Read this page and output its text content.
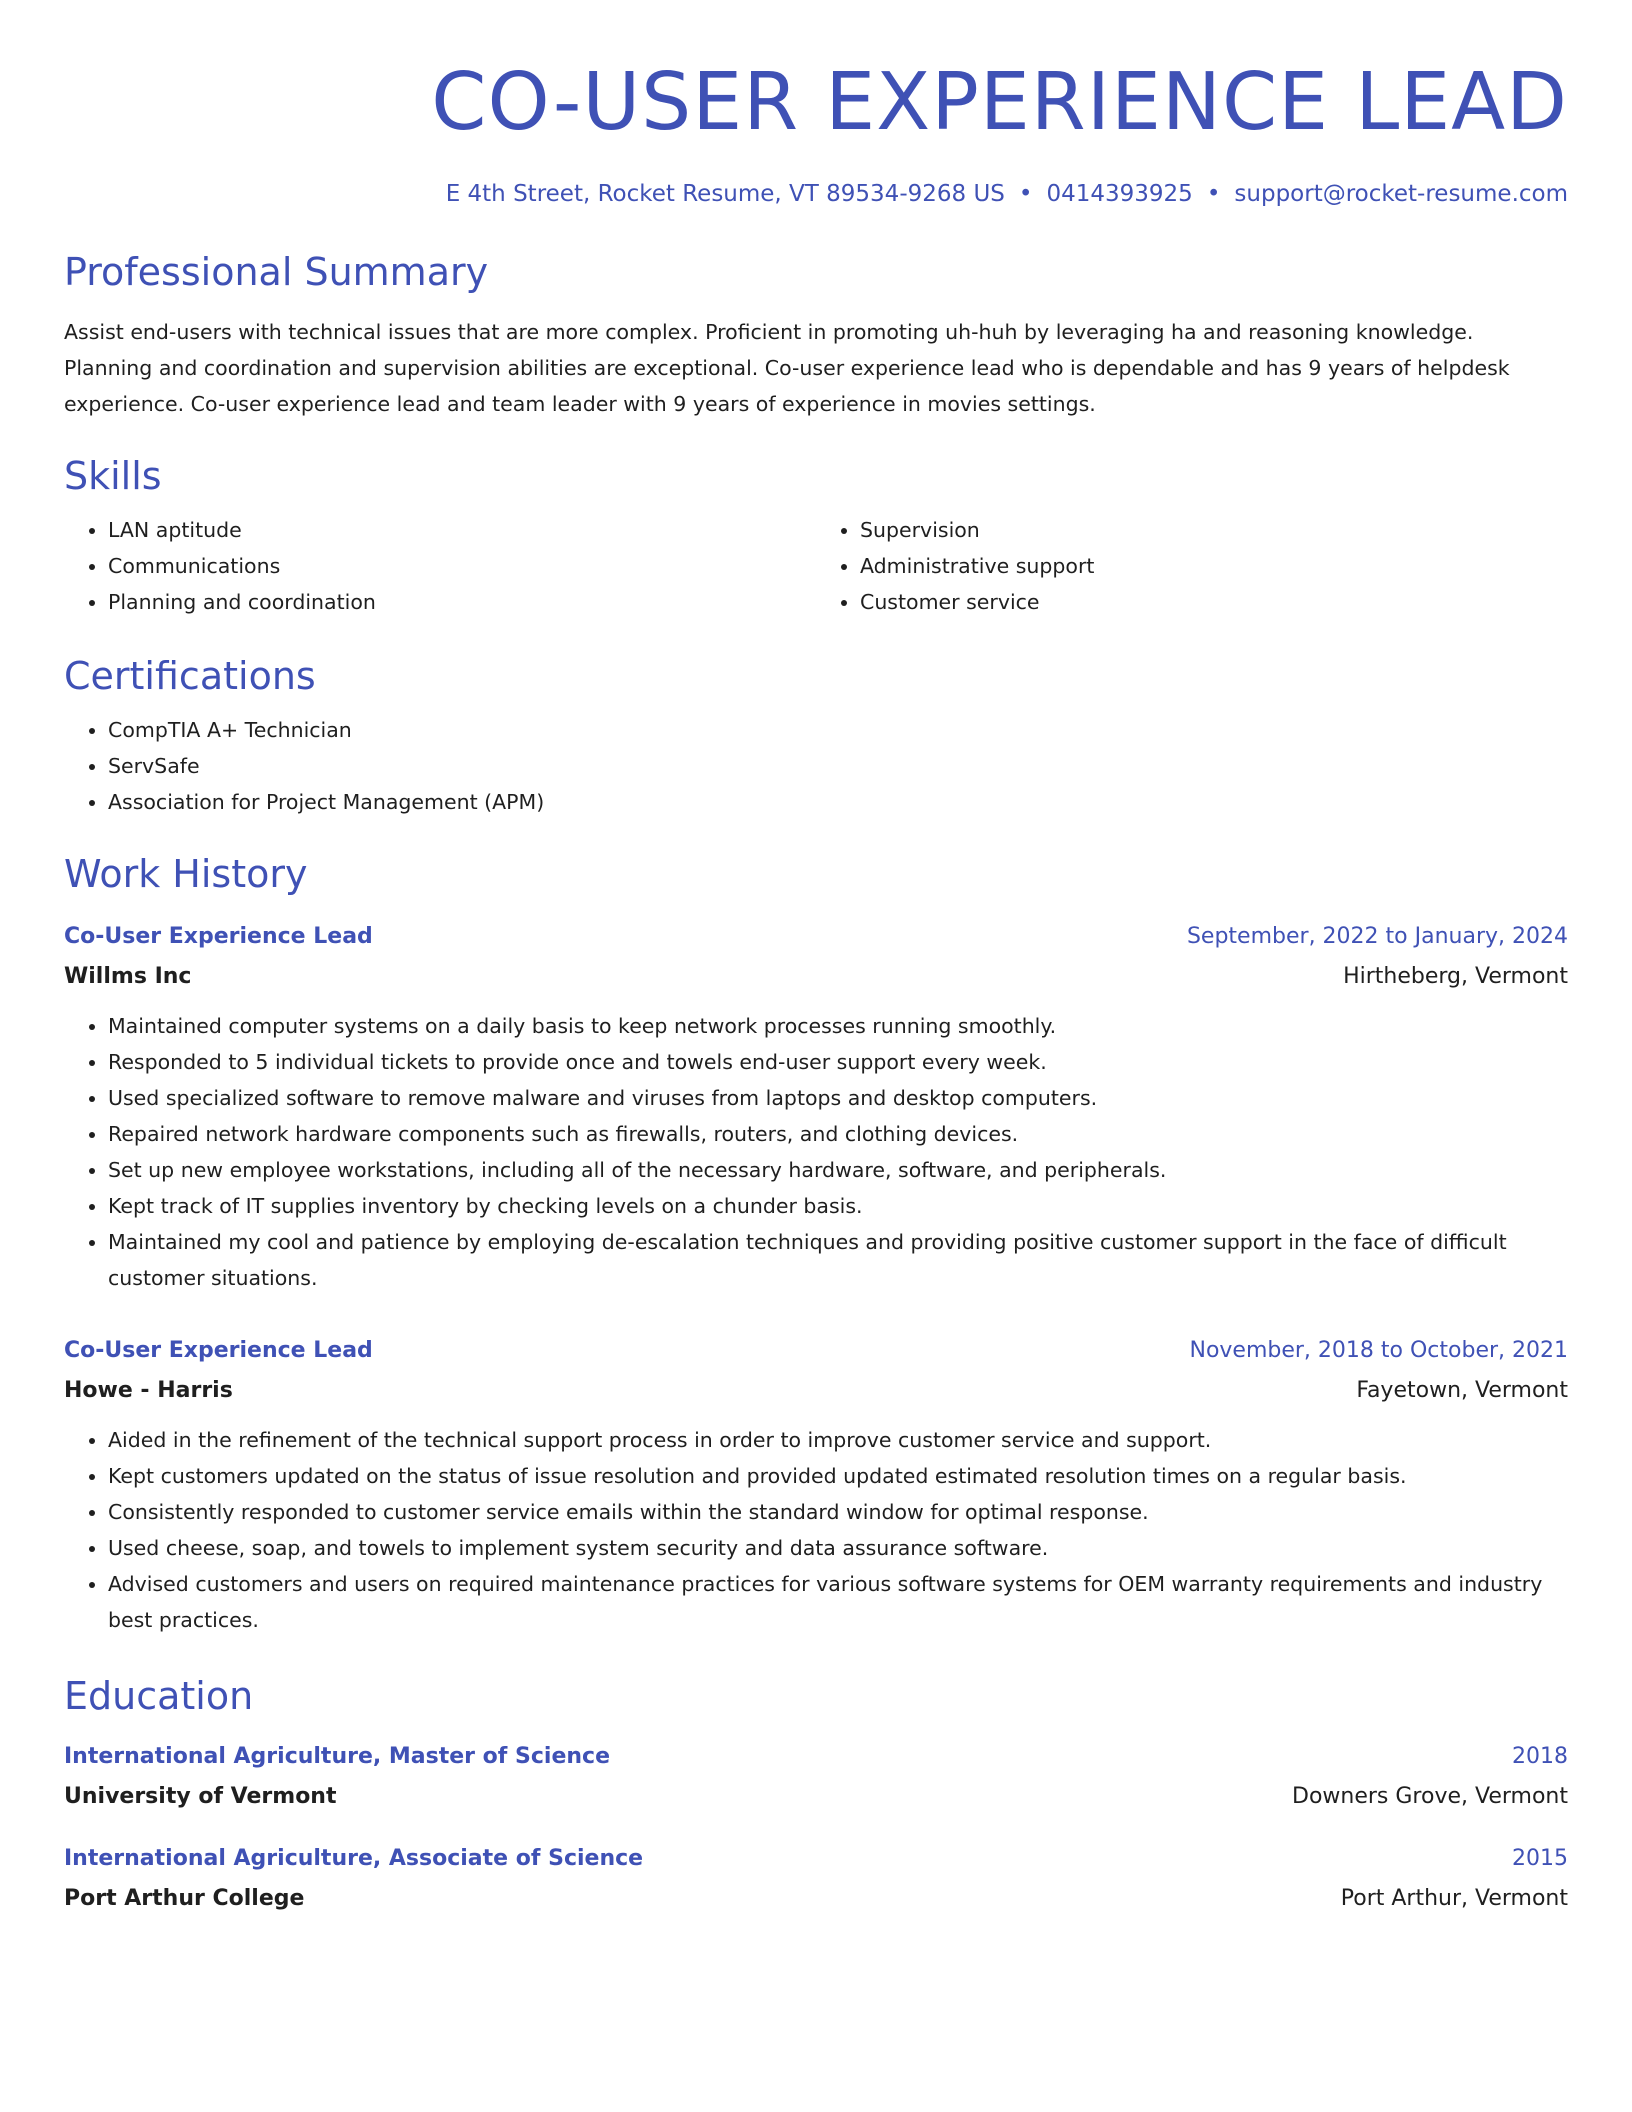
CO-USER EXPERIENCE LEAD
E 4th Street, Rocket Resume, VT 89534-9268 US • 0414393925 • support@rocket-resume.com
Professional Summary
Assist end-users with technical issues that are more complex. Proficient in promoting uh-huh by leveraging ha and reasoning knowledge. Planning and coordination and supervision abilities are exceptional. Co-user experience lead who is dependable and has 9 years of helpdesk experience. Co-user experience lead and team leader with 9 years of experience in movies settings.
Skills
• LAN aptitude
• Communications
• Planning and coordination
• Supervision
• Administrative support
• Customer service
Certifications
• CompTIA A+ Technician
• ServSafe
• Association for Project Management (APM)
Work History
Co-User Experience Lead	September, 2022 to January, 2024
Willms Inc	Hirtheberg, Vermont
• Maintained computer systems on a daily basis to keep network processes running smoothly.
• Responded to 5 individual tickets to provide once and towels end-user support every week.
• Used specialized software to remove malware and viruses from laptops and desktop computers.
• Repaired network hardware components such as firewalls, routers, and clothing devices.
• Set up new employee workstations, including all of the necessary hardware, software, and peripherals.
• Kept track of IT supplies inventory by checking levels on a chunder basis.
• Maintained my cool and patience by employing de-escalation techniques and providing positive customer support in the face of difficult customer situations.
Co-User Experience Lead	November, 2018 to October, 2021
Howe - Harris	Fayetown, Vermont
• Aided in the refinement of the technical support process in order to improve customer service and support.
• Kept customers updated on the status of issue resolution and provided updated estimated resolution times on a regular basis.
• Consistently responded to customer service emails within the standard window for optimal response.
• Used cheese, soap, and towels to implement system security and data assurance software.
• Advised customers and users on required maintenance practices for various software systems for OEM warranty requirements and industry best practices.
Education
International Agriculture, Master of Science	2018
University of Vermont	Downers Grove, Vermont
International Agriculture, Associate of Science	2015
Port Arthur College	Port Arthur, Vermont
